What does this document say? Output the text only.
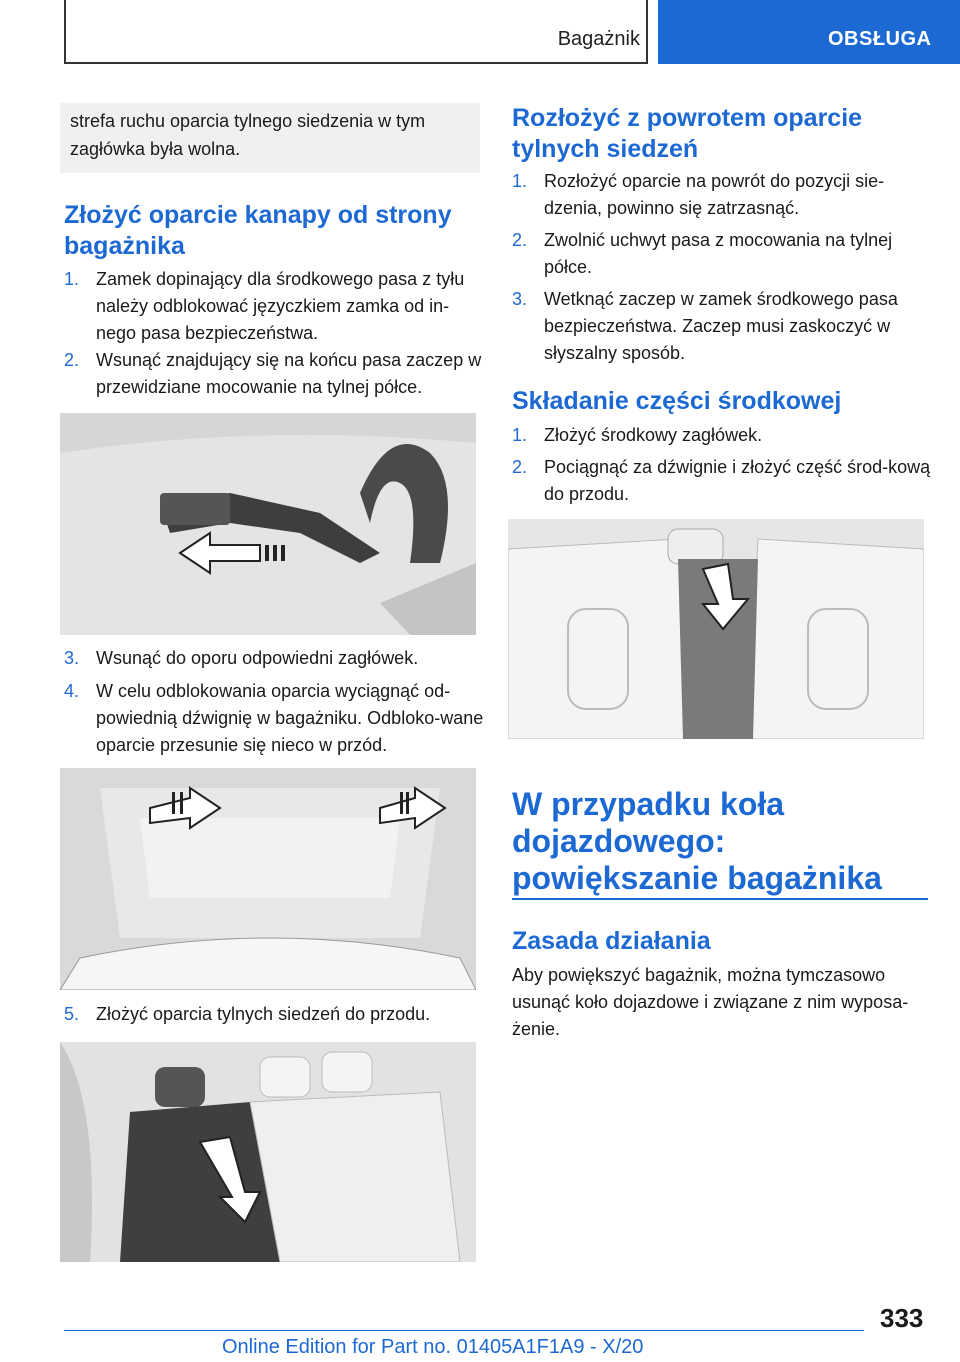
Bagażnik	OBSŁUGA
strefa ruchu oparcia tylnego siedzenia w tym zagłówka była wolna.
Złożyć oparcie kanapy od strony bagażnika
1. Zamek dopinający dla środkowego pasa z tyłu należy odblokować języczkiem zamka od in‐nego pasa bezpieczeństwa.
2. Wsunąć znajdujący się na końcu pasa zaczep w przewidziane mocowanie na tylnej półce.
3. Wsunąć do oporu odpowiedni zagłówek.
4. W celu odblokowania oparcia wyciągnąć od‐powiednią dźwignię w bagażniku. Odbloko‐wane oparcie przesunie się nieco w przód.
5. Złożyć oparcia tylnych siedzeń do przodu.
Rozłożyć z powrotem oparcie tylnych siedzeń
1. Rozłożyć oparcie na powrót do pozycji sie‐dzenia, powinno się zatrzasnąć.
2. Zwolnić uchwyt pasa z mocowania na tylnej półce.
3. Wetknąć zaczep w zamek środkowego pasa bezpieczeństwa. Zaczep musi zaskoczyć w słyszalny sposób.
Składanie części środkowej
1. Złożyć środkowy zagłówek.
2. Pociągnąć za dźwignie i złożyć część środ‐kową do przodu.
W przypadku koła dojazdowego: powiększanie bagażnika
Zasada działania
Aby powiększyć bagażnik, można tymczasowo usunąć koło dojazdowe i związane z nim wyposa‐żenie.
333
Online Edition for Part no. 01405A1F1A9 - X/20
